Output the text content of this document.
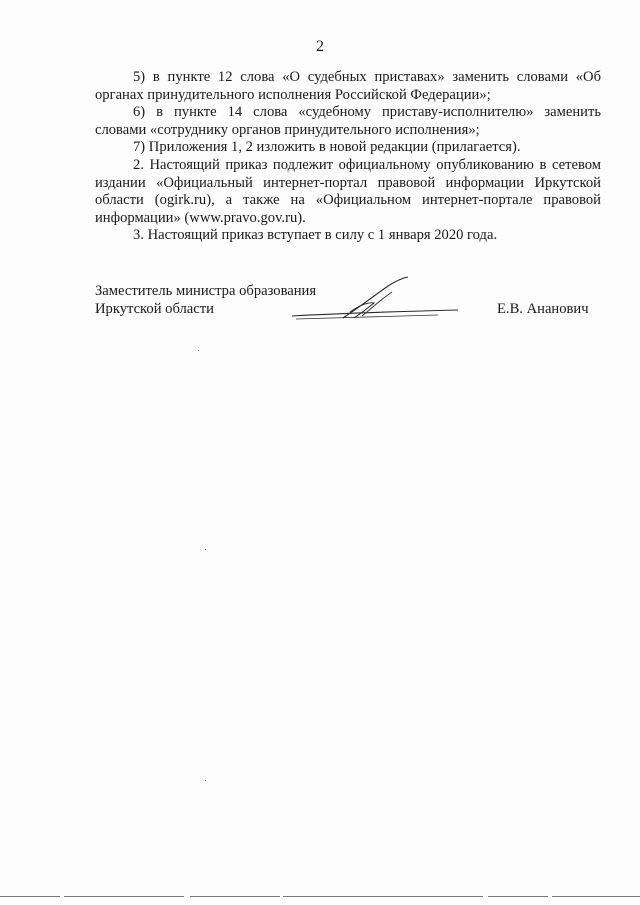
2

5) в пункте 12 слова «О судебных приставах» заменить словами «Об органах принудительного исполнения Российской Федерации»;

6) в пункте 14 слова «судебному приставу-исполнителю» заменить словами «сотруднику органов принудительного исполнения»;

7) Приложения 1, 2 изложить в новой редакции (прилагается).

2. Настоящий приказ подлежит официальному опубликованию в сетевом издании «Официальный интернет-портал правовой информации Иркутской области (ogirk.ru), а также на «Официальном интернет-портале правовой информации» (www.pravo.gov.ru).

3. Настоящий приказ вступает в силу с 1 января 2020 года.

Заместитель министра образования
Иркутской области	Е.В. Ананович
